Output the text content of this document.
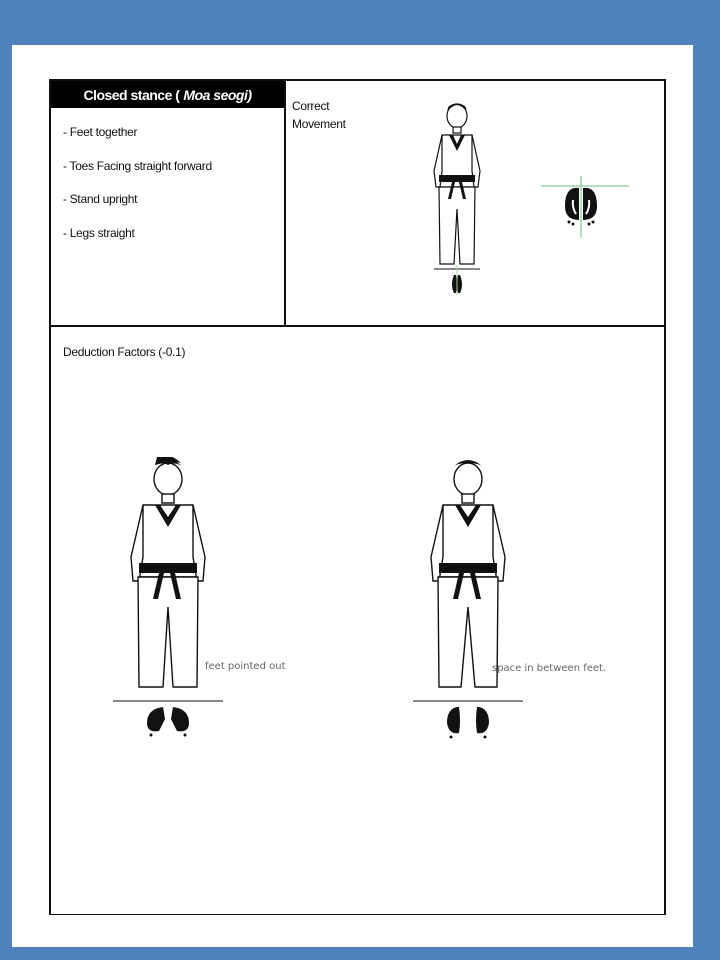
Closed stance ( Moa seogi)
- Feet together
- Toes Facing straight forward
- Stand upright
- Legs straight
Correct
Movement
Deduction Factors (-0.1)
feet pointed out	space in between feet.
